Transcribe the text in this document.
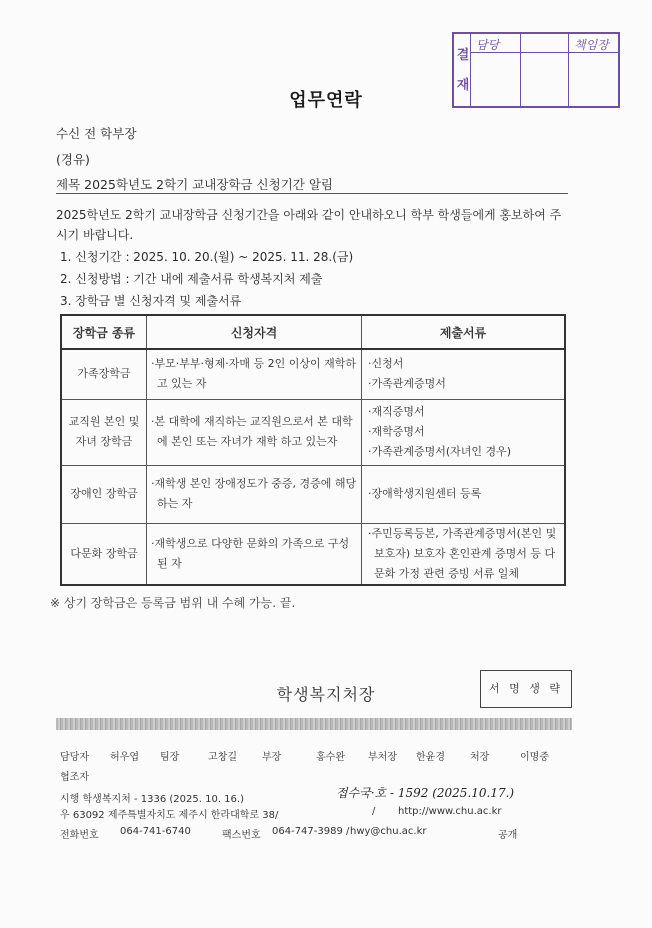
결
재
담당	책임장
업무연락
수신 전 학부장
(경유)
제목 2025학년도 2학기 교내장학금 신청기간 알림
2025학년도 2학기 교내장학금 신청기간을 아래와 같이 안내하오니 학부 학생들에게 홍보하여 주
시기 바랍니다.
1. 신청기간 : 2025. 10. 20.(월) ~ 2025. 11. 28.(금)
2. 신청방법 : 기간 내에 제출서류 학생복지처 제출
3. 장학금 별 신청자격 및 제출서류
장학금 종류	신청자격	제출서류
가족장학금	·부모·부부·형제·자매 등 2인 이상이 재학하고 있는 자	·신청서
·가족관계증명서

교직원 본인 및 자녀 장학금	·본 대학에 재직하는 교직원으로서 본 대학에 본인 또는 자녀가 재학 하고 있는자	·재직증명서
·재학증명서
·가족관계증명서(자녀인 경우)

장애인 장학금	·재학생 본인 장애정도가 중증, 경증에 해당하는 자	·장애학생지원센터 등록

다문화 장학금	·재학생으로 다양한 문화의 가족으로 구성된 자	·주민등록등본, 가족관계증명서(본인 및 보호자) 보호자 혼인관계 증명서 등 다문화 가정 관련 증빙 서류 일체
※ 상기 장학금은 등록금 범위 내 수혜 가능. 끝.
학생복지처장	서 명 생 략
담당자 허우엽 팀장	고창길	부장	홍수완 부처장 한윤경	처장	이명중
협조자
시행 학생복지처 - 1336 (2025. 10. 16.)	접수국·호 - 1592 (2025.10.17.)
우 63092 제주특별자치도 제주시 한라대학로 38/	/ http://www.chu.ac.kr
전화번호 064-741-6740	팩스번호 064-747-3989 / hwy@chu.ac.kr	공개
